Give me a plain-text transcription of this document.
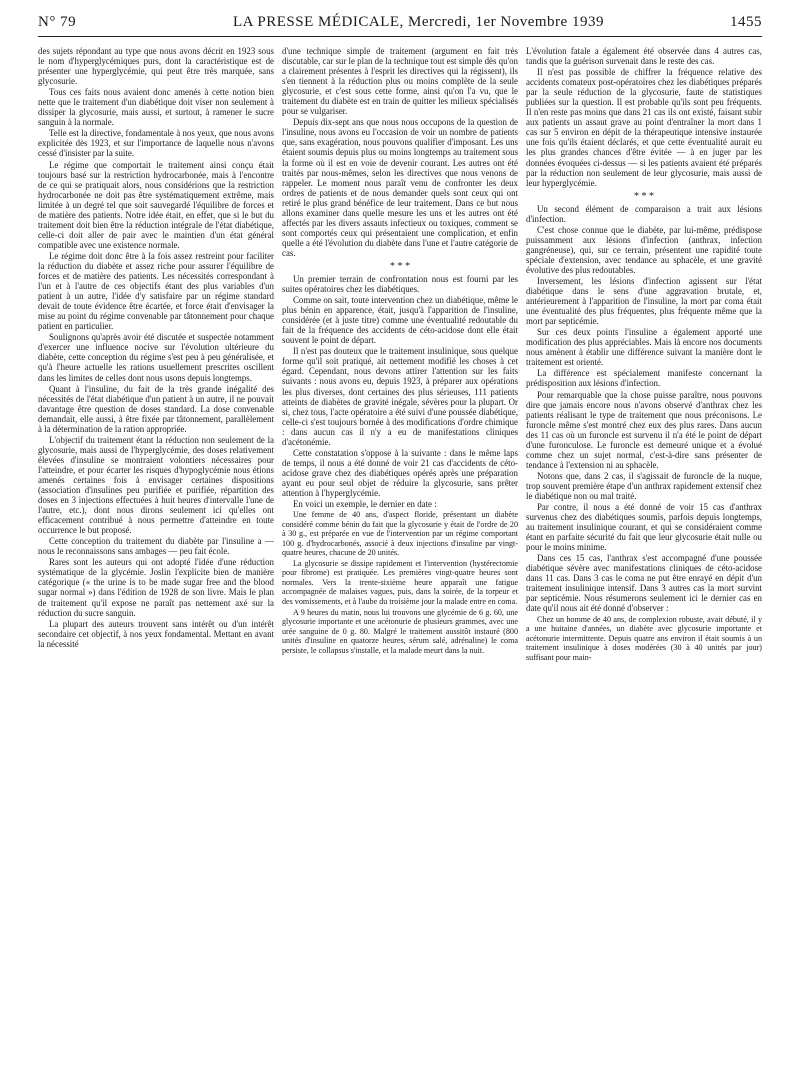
N° 79	LA PRESSE MÉDICALE, Mercredi, 1er Novembre 1939	1455

des sujets répondant au type que nous avons décrit en 1923 sous le nom d'hyperglycémiques purs, dont la caractéristique est de présenter une hyperglycémie, qui peut être très marquée, sans glycosurie.

Tous ces faits nous avaient donc amenés à cette notion bien nette que le traitement d'un diabétique doit viser non seulement à dissiper la glycosurie, mais aussi, et surtout, à ramener le sucre sanguin à la normale.

Telle est la directive, fondamentale à nos yeux, que nous avons explicitée dès 1923, et sur l'importance de laquelle nous n'avons cessé d'insister par la suite.

Le régime que comportait le traitement ainsi conçu était toujours basé sur la restriction hydrocarbonée, mais à l'encontre de ce qui se pratiquait alors, nous considérions que la restriction hydrocarbonée ne doit pas être systématiquement extrême, mais limitée à un degré tel que soit sauvegardé l'équilibre de forces et de matière des patients. Notre idée était, en effet, que si le but du traitement doit bien être la réduction intégrale de l'état diabétique, celle-ci doit aller de pair avec le maintien d'un état général compatible avec une existence normale.

Le régime doit donc être à la fois assez restreint pour faciliter la réduction du diabète et assez riche pour assurer l'équilibre de forces et de matière des patients. Les nécessités correspondant à l'un et à l'autre de ces objectifs étant des plus variables d'un patient à un autre, l'idée d'y satisfaire par un régime standard devait de toute évidence être écartée, et force était d'envisager la mise au point du régime convenable par tâtonnement pour chaque patient en particulier.

Soulignons qu'après avoir été discutée et suspectée notamment d'exercer une influence nocive sur l'évolution ultérieure du diabète, cette conception du régime s'est peu à peu généralisée, et qu'à l'heure actuelle les rations usuellement prescrites oscillent dans les limites de celles dont nous usons depuis longtemps.

Quant à l'insuline, du fait de la très grande inégalité des nécessités de l'état diabétique d'un patient à un autre, il ne pouvait davantage être question de doses standard. La dose convenable demandait, elle aussi, à être fixée par tâtonnement, parallèlement à la détermination de la ration appropriée.

L'objectif du traitement étant la réduction non seulement de la glycosurie, mais aussi de l'hyperglycémie, des doses relativement élevées d'insuline se montraient volontiers nécessaires pour l'atteindre, et pour écarter les risques d'hypoglycémie nous étions amenés certaines fois à envisager certaines dispositions (association d'insulines peu purifiée et purifiée, répartition des doses en 3 injections effectuées à huit heures d'intervalle l'une de l'autre, etc.), dont nous dirons seulement ici qu'elles ont efficacement contribué à nous permettre d'atteindre en toute occurrence le but proposé.

Cette conception du traitement du diabète par l'insuline a — nous le reconnaissons sans ambages — peu fait école.

Rares sont les auteurs qui ont adopté l'idée d'une réduction systématique de la glycémie. Joslin l'explicite bien de manière catégorique (« the urine is to be made sugar free and the blood sugar normal ») dans l'édition de 1928 de son livre. Mais le plan de traitement qu'il expose ne paraît pas nettement axé sur la réduction du sucre sanguin.

La plupart des auteurs trouvent sans intérêt ou d'un intérêt secondaire cet objectif, à nos yeux fondamental. Mettant en avant la nécessité

d'une technique simple de traitement (argument en fait très discutable, car sur le plan de la technique tout est simple dès qu'on a clairement présentes à l'esprit les directives qui la régissent), ils s'en tiennent à la réduction plus ou moins complète de la seule glycosurie, et c'est sous cette forme, ainsi qu'on l'a vu, que le traitement du diabète est en train de quitter les milieux spécialisés pour se vulgariser.

Depuis dix-sept ans que nous nous occupons de la question de l'insuline, nous avons eu l'occasion de voir un nombre de patients que, sans exagération, nous pouvons qualifier d'imposant. Les uns étaient soumis depuis plus ou moins longtemps au traitement sous la forme où il est en voie de devenir courant. Les autres ont été traités par nous-mêmes, selon les directives que nous venons de rappeler. Le moment nous paraît venu de confronter les deux ordres de patients et de nous demander quels sont ceux qui ont retiré le plus grand bénéfice de leur traitement. Dans ce but nous allons examiner dans quelle mesure les uns et les autres ont été affectés par les divers assauts infectieux ou toxiques, comment se sont comportés ceux qui présentaient une complication, et enfin quelle a été l'évolution du diabète dans l'une et l'autre catégorie de cas.

* * *

Un premier terrain de confrontation nous est fourni par les suites opératoires chez les diabétiques.

Comme on sait, toute intervention chez un diabétique, même le plus bénin en apparence, était, jusqu'à l'apparition de l'insuline, considérée (et à juste titre) comme une éventualité redoutable du fait de la fréquence des accidents de céto-acidose dont elle était souvent le point de départ.

Il n'est pas douteux que le traitement insulinique, sous quelque forme qu'il soit pratiqué, ait nettement modifié les choses à cet égard. Cependant, nous devons attirer l'attention sur les faits suivants : nous avons eu, depuis 1923, à préparer aux opérations les plus diverses, dont certaines des plus sérieuses, 111 patients atteints de diabètes de gravité inégale, sévères pour la plupart. Or si, chez tous, l'acte opératoire a été suivi d'une poussée diabétique, celle-ci s'est toujours bornée à des modifications d'ordre chimique : dans aucun cas il n'y a eu de manifestations cliniques d'acétonémie.

Cette constatation s'oppose à la suivante : dans le même laps de temps, il nous a été donné de voir 21 cas d'accidents de céto-acidose grave chez des diabétiques opérés après une préparation ayant eu pour seul objet de réduire la glycosurie, sans prêter attention à l'hyperglycémie.

En voici un exemple, le dernier en date :

Une femme de 40 ans, d'aspect floride, présentant un diabète considéré comme bénin du fait que la glycosurie y était de l'ordre de 20 à 30 g., est préparée en vue de l'intervention par un régime comportant 100 g. d'hydrocarbonés, associé à deux injections d'insuline par vingt-quatre heures, chacune de 20 unités.

La glycosurie se dissipe rapidement et l'intervention (hystérectomie pour fibrome) est pratiquée. Les premières vingt-quatre heures sont normales. Vers la trente-sixième heure apparaît une fatigue accompagnée de malaises vagues, puis, dans la soirée, de la torpeur et des vomissements, et à l'aube du troisième jour la malade entre en coma.

A 9 heures du matin, nous lui trouvons une glycémie de 6 g. 60, une glycosurie importante et une acétonurie de plusieurs grammes, avec une urée sanguine de 0 g. 80. Malgré le traitement aussitôt instauré (800 unités d'insuline en quatorze heures, sérum salé, adrénaline) le coma persiste, le collapsus s'installe, et la malade meurt dans la nuit.

L'évolution fatale a également été observée dans 4 autres cas, tandis que la guérison survenait dans le reste des cas.

Il n'est pas possible de chiffrer la fréquence relative des accidents comateux post-opératoires chez les diabétiques préparés par la seule réduction de la glycosurie, faute de statistiques publiées sur la question. Il est probable qu'ils sont peu fréquents. Il n'en reste pas moins que dans 21 cas ils ont existé, faisant subir aux patients un assaut grave au point d'entraîner la mort dans 1 cas sur 5 environ en dépit de la thérapeutique intensive instaurée une fois qu'ils étaient déclarés, et que cette éventualité aurait eu les plus grandes chances d'être évitée — à en juger par les données évoquées ci-dessus — si les patients avaient été préparés par la réduction non seulement de leur glycosurie, mais aussi de leur hyperglycémie.

* * *

Un second élément de comparaison a trait aux lésions d'infection.

C'est chose connue que le diabète, par lui-même, prédispose puissamment aux lésions d'infection (anthrax, infection gangréneuse), qui, sur ce terrain, présentent une rapidité toute spéciale d'extension, avec tendance au sphacèle, et une gravité évolutive des plus redoutables.

Inversement, les lésions d'infection agissent sur l'état diabétique dans le sens d'une aggravation brutale, et, antérieurement à l'apparition de l'insuline, la mort par coma était une éventualité des plus fréquentes, plus fréquente même que la mort par septicémie.

Sur ces deux points l'insuline a également apporté une modification des plus appréciables. Mais là encore nos documents nous amènent à établir une différence suivant la manière dont le traitement est orienté.

La différence est spécialement manifeste concernant la prédisposition aux lésions d'infection.

Pour remarquable que la chose puisse paraître, nous pouvons dire que jamais encore nous n'avons observé d'anthrax chez les patients réalisant le type de traitement que nous préconisons. Le furoncle même s'est montré chez eux des plus rares. Dans aucun des 11 cas où un furoncle est survenu il n'a été le point de départ d'une furonculose. Le furoncle est demeuré unique et a évolué comme chez un sujet normal, c'est-à-dire sans présenter de tendance à l'extension ni au sphacèle.

Notons que, dans 2 cas, il s'agissait de furoncle de la nuque, trop souvent première étape d'un anthrax rapidement extensif chez le diabétique non ou mal traité.

Par contre, il nous a été donné de voir 15 cas d'anthrax survenus chez des diabétiques soumis, parfois depuis longtemps, au traitement insulinique courant, et qui se considéraient comme étant en parfaite sécurité du fait que leur glycosurie était nulle ou pour le moins minime.

Dans ces 15 cas, l'anthrax s'est accompagné d'une poussée diabétique sévère avec manifestations cliniques de céto-acidose dans 11 cas. Dans 3 cas le coma ne put être enrayé en dépit d'un traitement insulinique intensif. Dans 3 autres cas la mort survint par septicémie. Nous résumerons seulement ici le dernier cas en date qu'il nous ait été donné d'observer :

Chez un homme de 40 ans, de complexion robuste, avait débuté, il y a une huitaine d'années, un diabète avec glycosurie importante et acétonurie intermittente. Depuis quatre ans environ il était soumis à un traitement insulinique à doses modérées (30 à 40 unités par jour) suffisant pour main-
